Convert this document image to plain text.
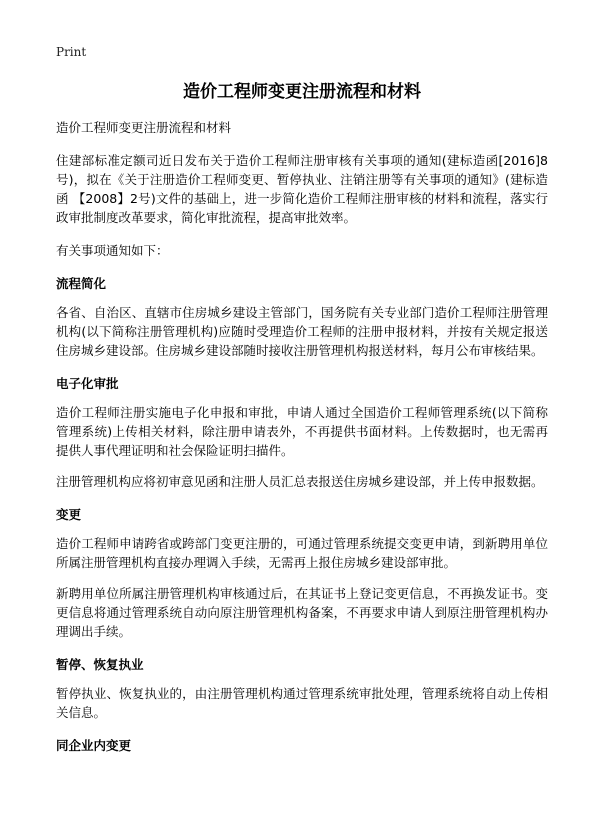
Print
造价工程师变更注册流程和材料

造价工程师变更注册流程和材料

住建部标准定额司近日发布关于造价工程师注册审核有关事项的通知(建标造函[2016]8号)，拟在《关于注册造价工程师变更、暂停执业、注销注册等有关事项的通知》(建标造函 【2008】2号)文件的基础上，进一步简化造价工程师注册审核的材料和流程，落实行政审批制度改革要求，简化审批流程，提高审批效率。

有关事项通知如下：

流程简化

各省、自治区、直辖市住房城乡建设主管部门，国务院有关专业部门造价工程师注册管理机构(以下简称注册管理机构)应随时受理造价工程师的注册申报材料，并按有关规定报送住房城乡建设部。住房城乡建设部随时接收注册管理机构报送材料，每月公布审核结果。

电子化审批

造价工程师注册实施电子化申报和审批，申请人通过全国造价工程师管理系统(以下简称管理系统)上传相关材料，除注册申请表外，不再提供书面材料。上传数据时，也无需再提供人事代理证明和社会保险证明扫描件。

注册管理机构应将初审意见函和注册人员汇总表报送住房城乡建设部，并上传申报数据。

变更

造价工程师申请跨省或跨部门变更注册的，可通过管理系统提交变更申请，到新聘用单位所属注册管理机构直接办理调入手续，无需再上报住房城乡建设部审批。

新聘用单位所属注册管理机构审核通过后，在其证书上登记变更信息，不再换发证书。变更信息将通过管理系统自动向原注册管理机构备案，不再要求申请人到原注册管理机构办理调出手续。

暂停、恢复执业

暂停执业、恢复执业的，由注册管理机构通过管理系统审批处理，管理系统将自动上传相关信息。

同企业内变更
